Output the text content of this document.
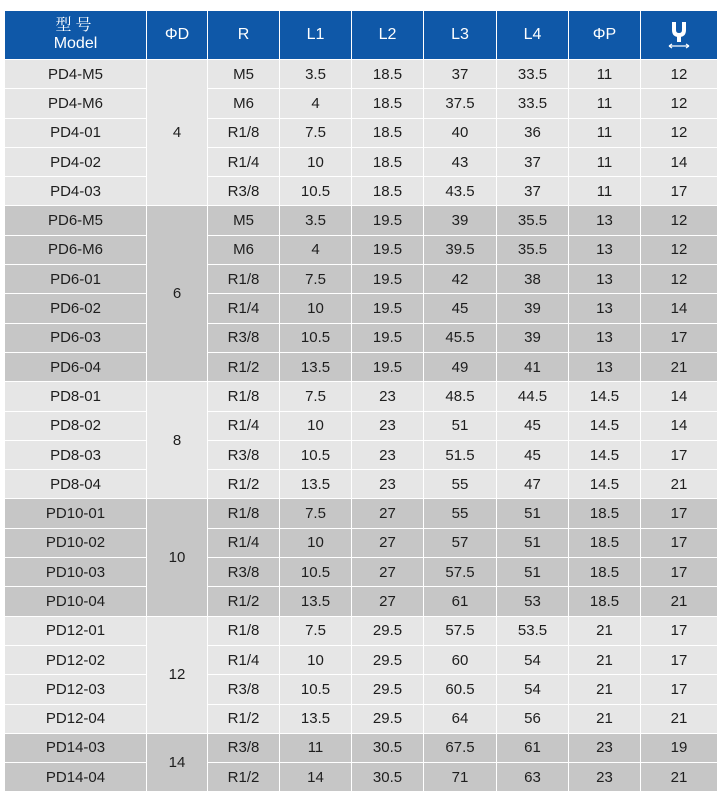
型号
Model	ΦD	R	L1	L2	L3	L4	ΦP	
PD4-M5	4	M5	3.5	18.5	37	33.5	11	12
PD4-M6		M6	4	18.5	37.5	33.5	11	12
PD4-01		R1/8	7.5	18.5	40	36	11	12
PD4-02		R1/4	10	18.5	43	37	11	14
PD4-03		R3/8	10.5	18.5	43.5	37	11	17
PD6-M5	6	M5	3.5	19.5	39	35.5	13	12
PD6-M6		M6	4	19.5	39.5	35.5	13	12
PD6-01		R1/8	7.5	19.5	42	38	13	12
PD6-02		R1/4	10	19.5	45	39	13	14
PD6-03		R3/8	10.5	19.5	45.5	39	13	17
PD6-04		R1/2	13.5	19.5	49	41	13	21
PD8-01	8	R1/8	7.5	23	48.5	44.5	14.5	14
PD8-02		R1/4	10	23	51	45	14.5	14
PD8-03		R3/8	10.5	23	51.5	45	14.5	17
PD8-04		R1/2	13.5	23	55	47	14.5	21
PD10-01	10	R1/8	7.5	27	55	51	18.5	17
PD10-02		R1/4	10	27	57	51	18.5	17
PD10-03		R3/8	10.5	27	57.5	51	18.5	17
PD10-04		R1/2	13.5	27	61	53	18.5	21
PD12-01	12	R1/8	7.5	29.5	57.5	53.5	21	17
PD12-02		R1/4	10	29.5	60	54	21	17
PD12-03		R3/8	10.5	29.5	60.5	54	21	17
PD12-04		R1/2	13.5	29.5	64	56	21	21
PD14-03	14	R3/8	11	30.5	67.5	61	23	19
PD14-04		R1/2	14	30.5	71	63	23	21
